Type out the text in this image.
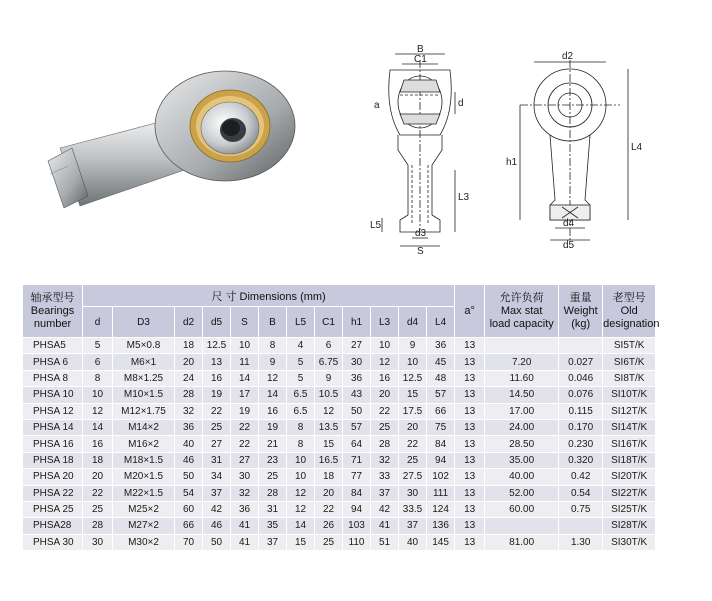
B
C1
a	d
L3
L5
d3
S
d2
h1
L4
d4
d5
轴承型号
Bearings
number	尺 寸 Dimensions (mm)												a°	允许负荷
Max stat
load capacity	重量
Weight
(kg)	老型号
Old
designation
	d	D3	d2	d5	S	B	L5	C1	h1	L3	d4	L4				
PHSA5	5	M5×0.8	18	12.5	10	8	4	6	27	10	9	36	13			SI5T/K
PHSA 6	6	M6×1	20	13	11	9	5	6.75	30	12	10	45	13	7.20	0.027	SI6T/K
PHSA 8	8	M8×1.25	24	16	14	12	5	9	36	16	12.5	48	13	11.60	0.046	SI8T/K
PHSA 10	10	M10×1.5	28	19	17	14	6.5	10.5	43	20	15	57	13	14.50	0.076	SI10T/K
PHSA 12	12	M12×1.75	32	22	19	16	6.5	12	50	22	17.5	66	13	17.00	0.115	SI12T/K
PHSA 14	14	M14×2	36	25	22	19	8	13.5	57	25	20	75	13	24.00	0.170	SI14T/K
PHSA 16	16	M16×2	40	27	22	21	8	15	64	28	22	84	13	28.50	0.230	SI16T/K
PHSA 18	18	M18×1.5	46	31	27	23	10	16.5	71	32	25	94	13	35.00	0.320	SI18T/K
PHSA 20	20	M20×1.5	50	34	30	25	10	18	77	33	27.5	102	13	40.00	0.42	SI20T/K
PHSA 22	22	M22×1.5	54	37	32	28	12	20	84	37	30	111	13	52.00	0.54	SI22T/K
PHSA 25	25	M25×2	60	42	36	31	12	22	94	42	33.5	124	13	60.00	0.75	SI25T/K
PHSA28	28	M27×2	66	46	41	35	14	26	103	41	37	136	13			SI28T/K
PHSA 30	30	M30×2	70	50	41	37	15	25	110	51	40	145	13	81.00	1.30	SI30T/K
